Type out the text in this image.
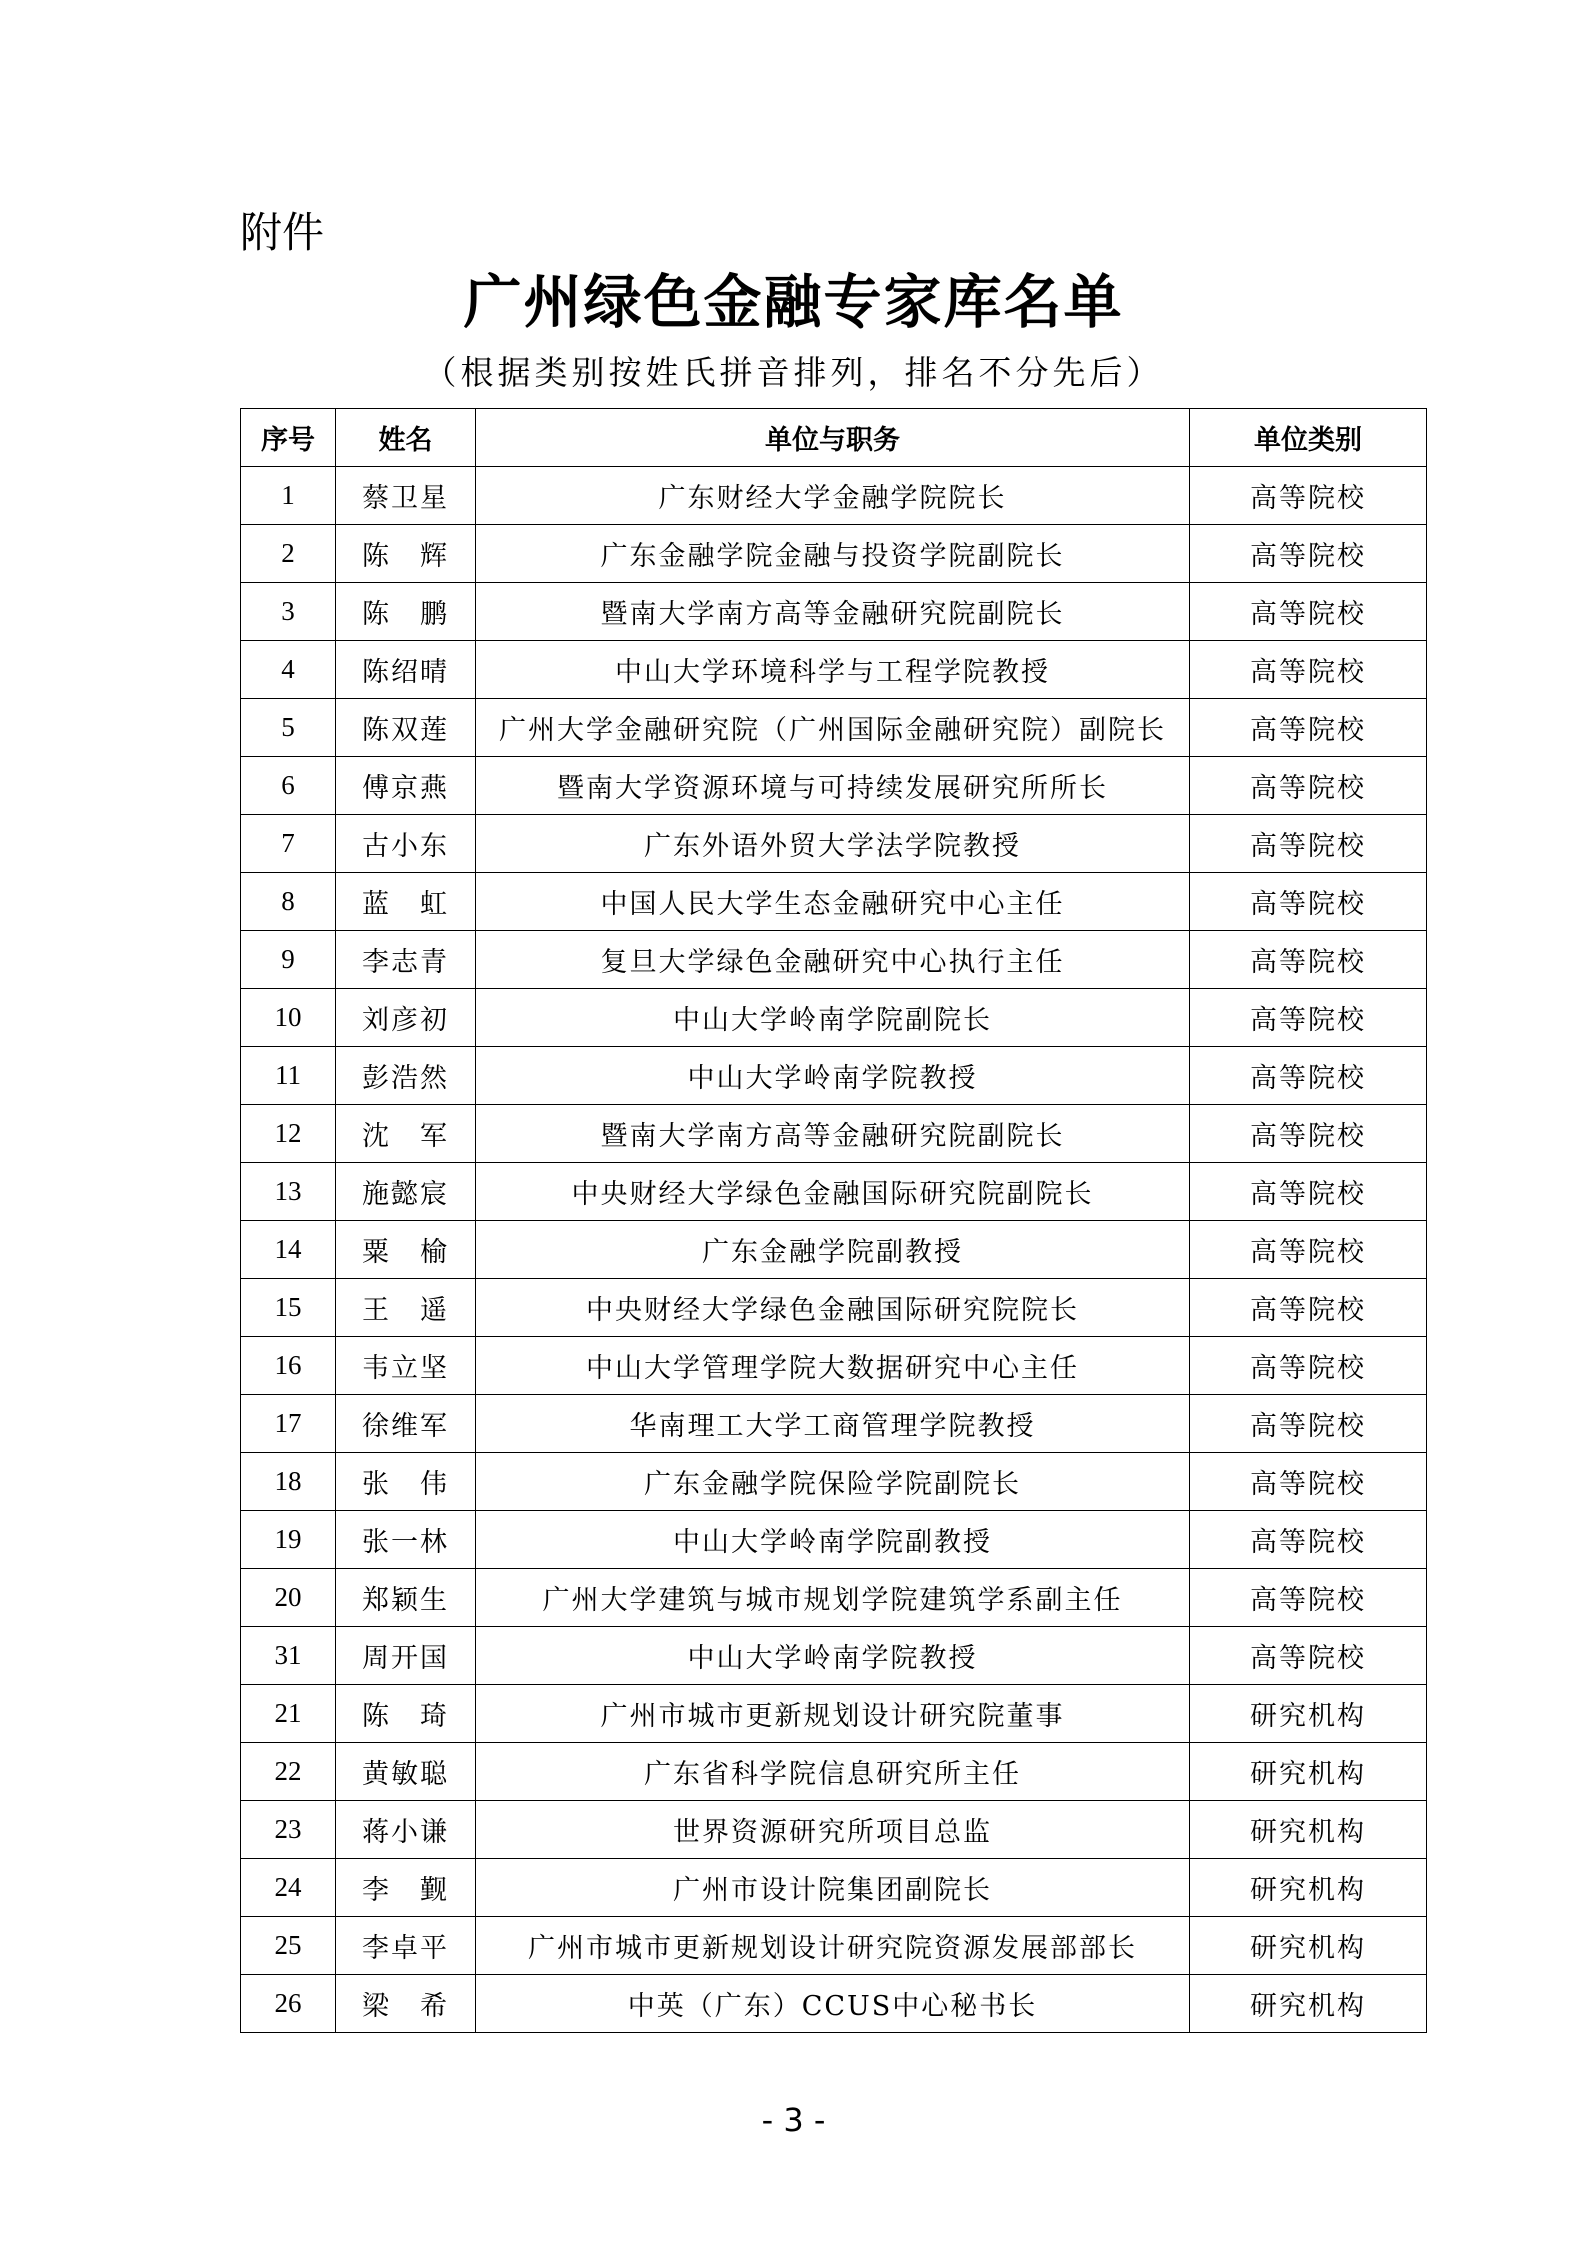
附件
广州绿色金融专家库名单
（根据类别按姓氏拼音排列，排名不分先后）
序号	姓名	单位与职务	单位类别
1	蔡卫星	广东财经大学金融学院院长	高等院校
2	陈　辉	广东金融学院金融与投资学院副院长	高等院校
3	陈　鹏	暨南大学南方高等金融研究院副院长	高等院校
4	陈绍晴	中山大学环境科学与工程学院教授	高等院校
5	陈双莲	广州大学金融研究院（广州国际金融研究院）副院长	高等院校
6	傅京燕	暨南大学资源环境与可持续发展研究所所长	高等院校
7	古小东	广东外语外贸大学法学院教授	高等院校
8	蓝　虹	中国人民大学生态金融研究中心主任	高等院校
9	李志青	复旦大学绿色金融研究中心执行主任	高等院校
10	刘彦初	中山大学岭南学院副院长	高等院校
11	彭浩然	中山大学岭南学院教授	高等院校
12	沈　军	暨南大学南方高等金融研究院副院长	高等院校
13	施懿宸	中央财经大学绿色金融国际研究院副院长	高等院校
14	粟　榆	广东金融学院副教授	高等院校
15	王　遥	中央财经大学绿色金融国际研究院院长	高等院校
16	韦立坚	中山大学管理学院大数据研究中心主任	高等院校
17	徐维军	华南理工大学工商管理学院教授	高等院校
18	张　伟	广东金融学院保险学院副院长	高等院校
19	张一林	中山大学岭南学院副教授	高等院校
20	郑颖生	广州大学建筑与城市规划学院建筑学系副主任	高等院校
31	周开国	中山大学岭南学院教授	高等院校
21	陈　琦	广州市城市更新规划设计研究院董事	研究机构
22	黄敏聪	广东省科学院信息研究所主任	研究机构
23	蒋小谦	世界资源研究所项目总监	研究机构
24	李　觐	广州市设计院集团副院长	研究机构
25	李卓平	广州市城市更新规划设计研究院资源发展部部长	研究机构
26	梁　希	中英（广东）CCUS中心秘书长	研究机构
- 3 -
